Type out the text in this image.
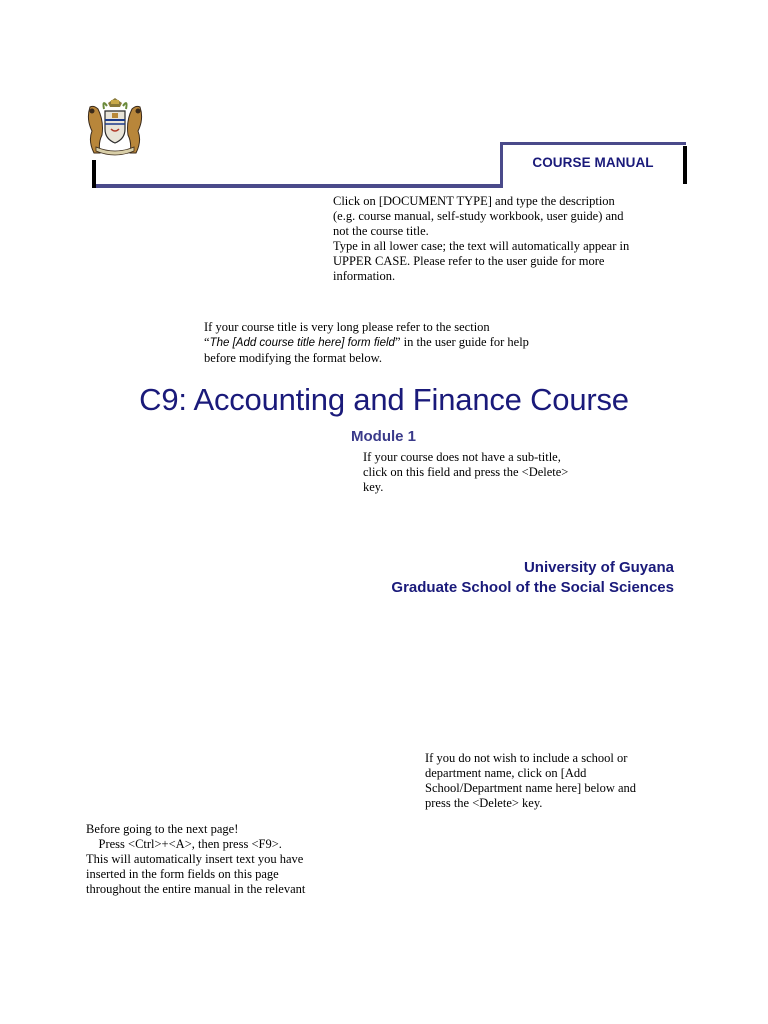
COURSE MANUAL
Click on [DOCUMENT TYPE] and type the description
(e.g. course manual, self-study workbook, user guide) and
not the course title.
Type in all lower case; the text will automatically appear in
UPPER CASE. Please refer to the user guide for more
information.
If your course title is very long please refer to the section
“The [Add course title here] form field” in the user guide for help
before modifying the format below.
C9: Accounting and Finance Course
Module 1
If your course does not have a sub-title,
click on this field and press the <Delete>
key.
University of Guyana
Graduate School of the Social Sciences
If you do not wish to include a school or
department name, click on [Add
School/Department name here] below and
press the <Delete> key.
Before going to the next page!
Press <Ctrl>+<A>, then press <F9>.
This will automatically insert text you have
inserted in the form fields on this page
throughout the entire manual in the relevant
